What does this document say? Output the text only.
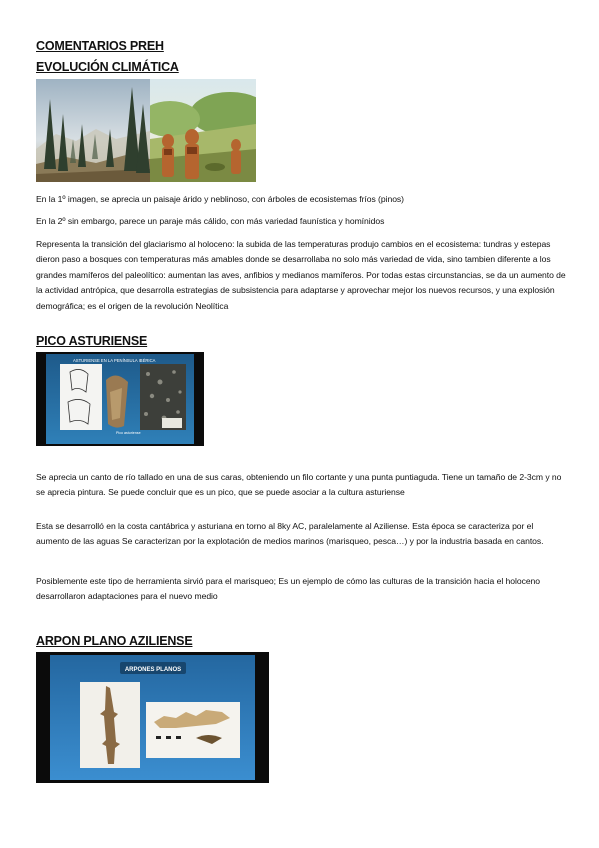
COMENTARIOS PREH
EVOLUCIÓN CLIMÁTICA
En la 1º imagen, se aprecia un paisaje árido y neblinoso, con árboles de ecosistemas fríos (pinos)
En la 2º sin embargo, parece un paraje más cálido, con más variedad faunística y homínidos
Representa la transición del glaciarismo al holoceno: la subida de las temperaturas produjo cambios en el ecosistema: tundras y estepas dieron paso a bosques con temperaturas más amables donde se desarrollaba no solo más variedad de vida, sino tambien diferente a los grandes mamíferos del paleolítico: aumentan las aves, anfibios y medianos mamíferos. Por todas estas circunstancias, se da un aumento de la actividad antrópica, que desarrolla estrategias de subsistencia para adaptarse y aprovechar mejor los nuevos recursos, y una explosión demográfica; es el origen de la revolución Neolítica
PICO ASTURIENSE
ASTURIENSE EN LA PENÍNSULA IBÉRICA
Pico asturiense
Se aprecia un canto de río tallado en una de sus caras, obteniendo un filo cortante y una punta puntiaguda. Tiene un tamaño de 2-3cm y no se aprecia pintura. Se puede concluir que es un pico, que se puede asociar a la cultura asturiense
Esta se desarrolló en la costa cantábrica y asturiana en torno al 8ky AC, paralelamente al Aziliense. Esta época se caracteriza por el aumento de las aguas Se caracterizan por la explotación de medios marinos (marisqueo, pesca…) y por la industria basada en cantos.
Posiblemente este tipo de herramienta sirvió para el marisqueo; Es un ejemplo de cómo las culturas de la transición hacia el holoceno desarrollaron adaptaciones para el nuevo medio
ARPON PLANO AZILIENSE
ARPONES PLANOS
